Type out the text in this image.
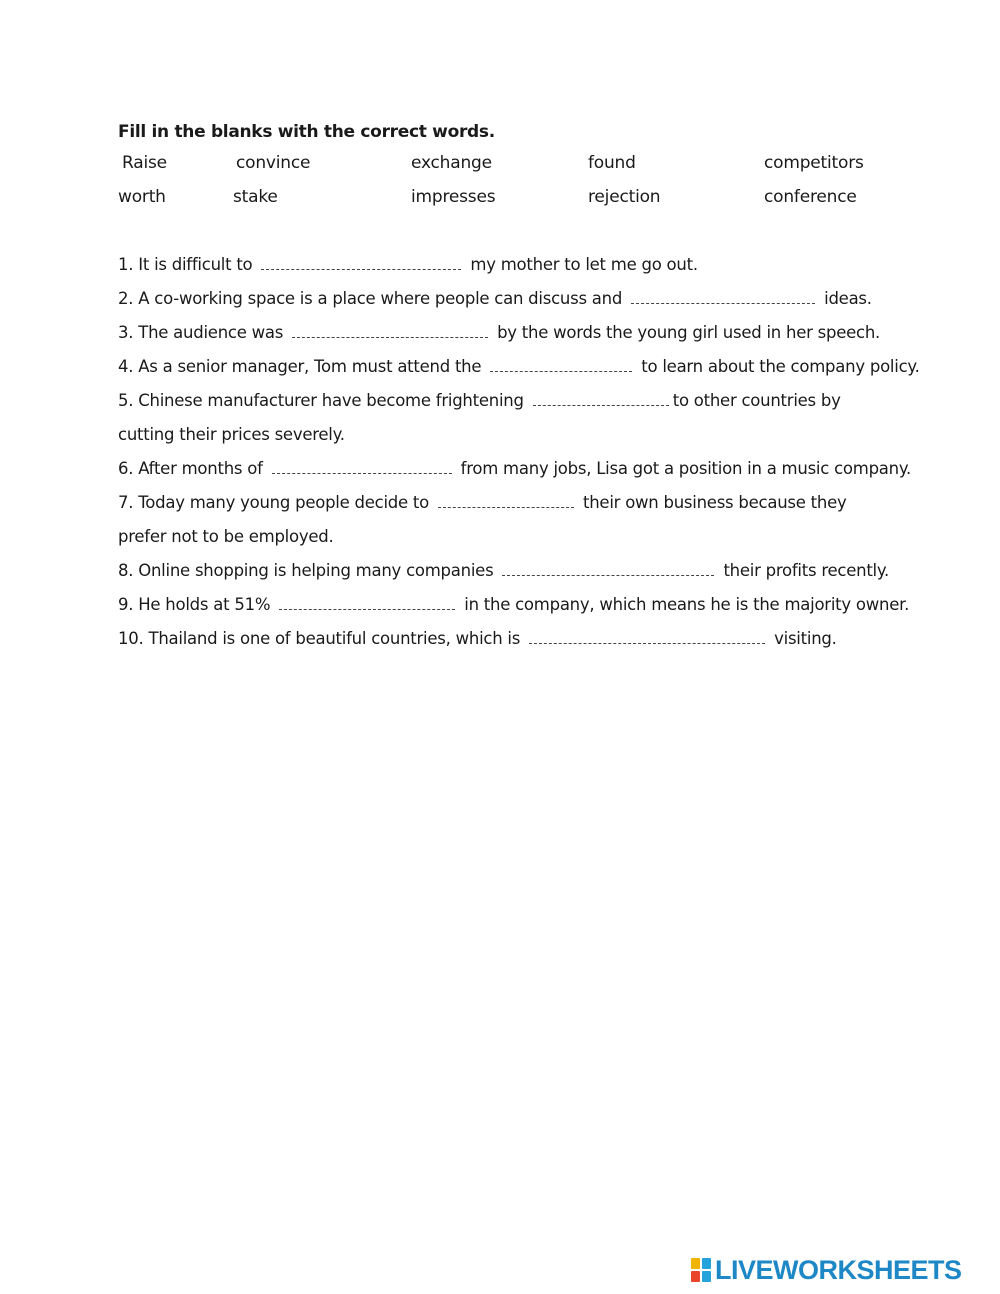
Fill in the blanks with the correct words.

Raise	convince	exchange	found	competitors
worth	stake	impresses	rejection	conference
1. It is difficult to	my mother to let me go out.
2. A co-working space is a place where people can discuss and	ideas.
3. The audience was	by the words the young girl used in her speech.
4. As a senior manager, Tom must attend the	to learn about the company policy.
5. Chinese manufacturer have become frightening	to other countries by cutting their prices severely.
6. After months of	from many jobs, Lisa got a position in a music company.
7. Today many young people decide to	their own business because they prefer not to be employed.
8. Online shopping is helping many companies	their profits recently.
9. He holds at 51%	in the company, which means he is the majority owner.
10. Thailand is one of beautiful countries, which is	visiting.
LIVEWORKSHEETS
